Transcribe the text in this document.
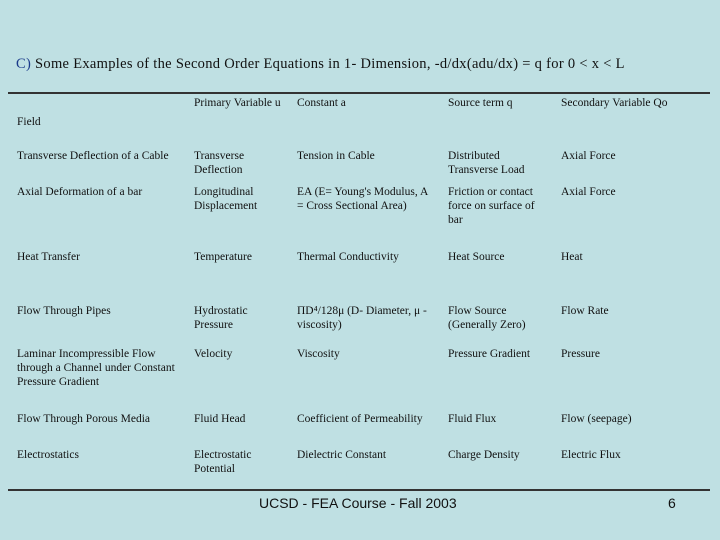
C) Some Examples of the Second Order Equations in 1- Dimension, -d/dx(adu/dx) = q for 0 < x < L
Field	Primary Variable u	Constant a	Source term q	Secondary Variable Qo

Transverse Deflection of a Cable	Transverse Deflection	Tension in Cable	Distributed Transverse Load	Axial Force
Axial Deformation of a bar	Longitudinal Displacement	EA (E= Young's Modulus, A = Cross Sectional Area)	Friction or contact force on surface of bar	Axial Force
Heat Transfer	Temperature	Thermal Conductivity	Heat Source	Heat
Flow Through Pipes	Hydrostatic Pressure	ΠD⁴/128μ (D- Diameter, μ - viscosity)	Flow Source (Generally Zero)	Flow Rate
Laminar Incompressible Flow through a Channel under Constant Pressure Gradient	Velocity	Viscosity	Pressure Gradient	Pressure
Flow Through Porous Media	Fluid Head	Coefficient of Permeability	Fluid Flux	Flow (seepage)
Electrostatics	Electrostatic Potential	Dielectric Constant	Charge Density	Electric Flux
UCSD - FEA Course - Fall 2003	6
